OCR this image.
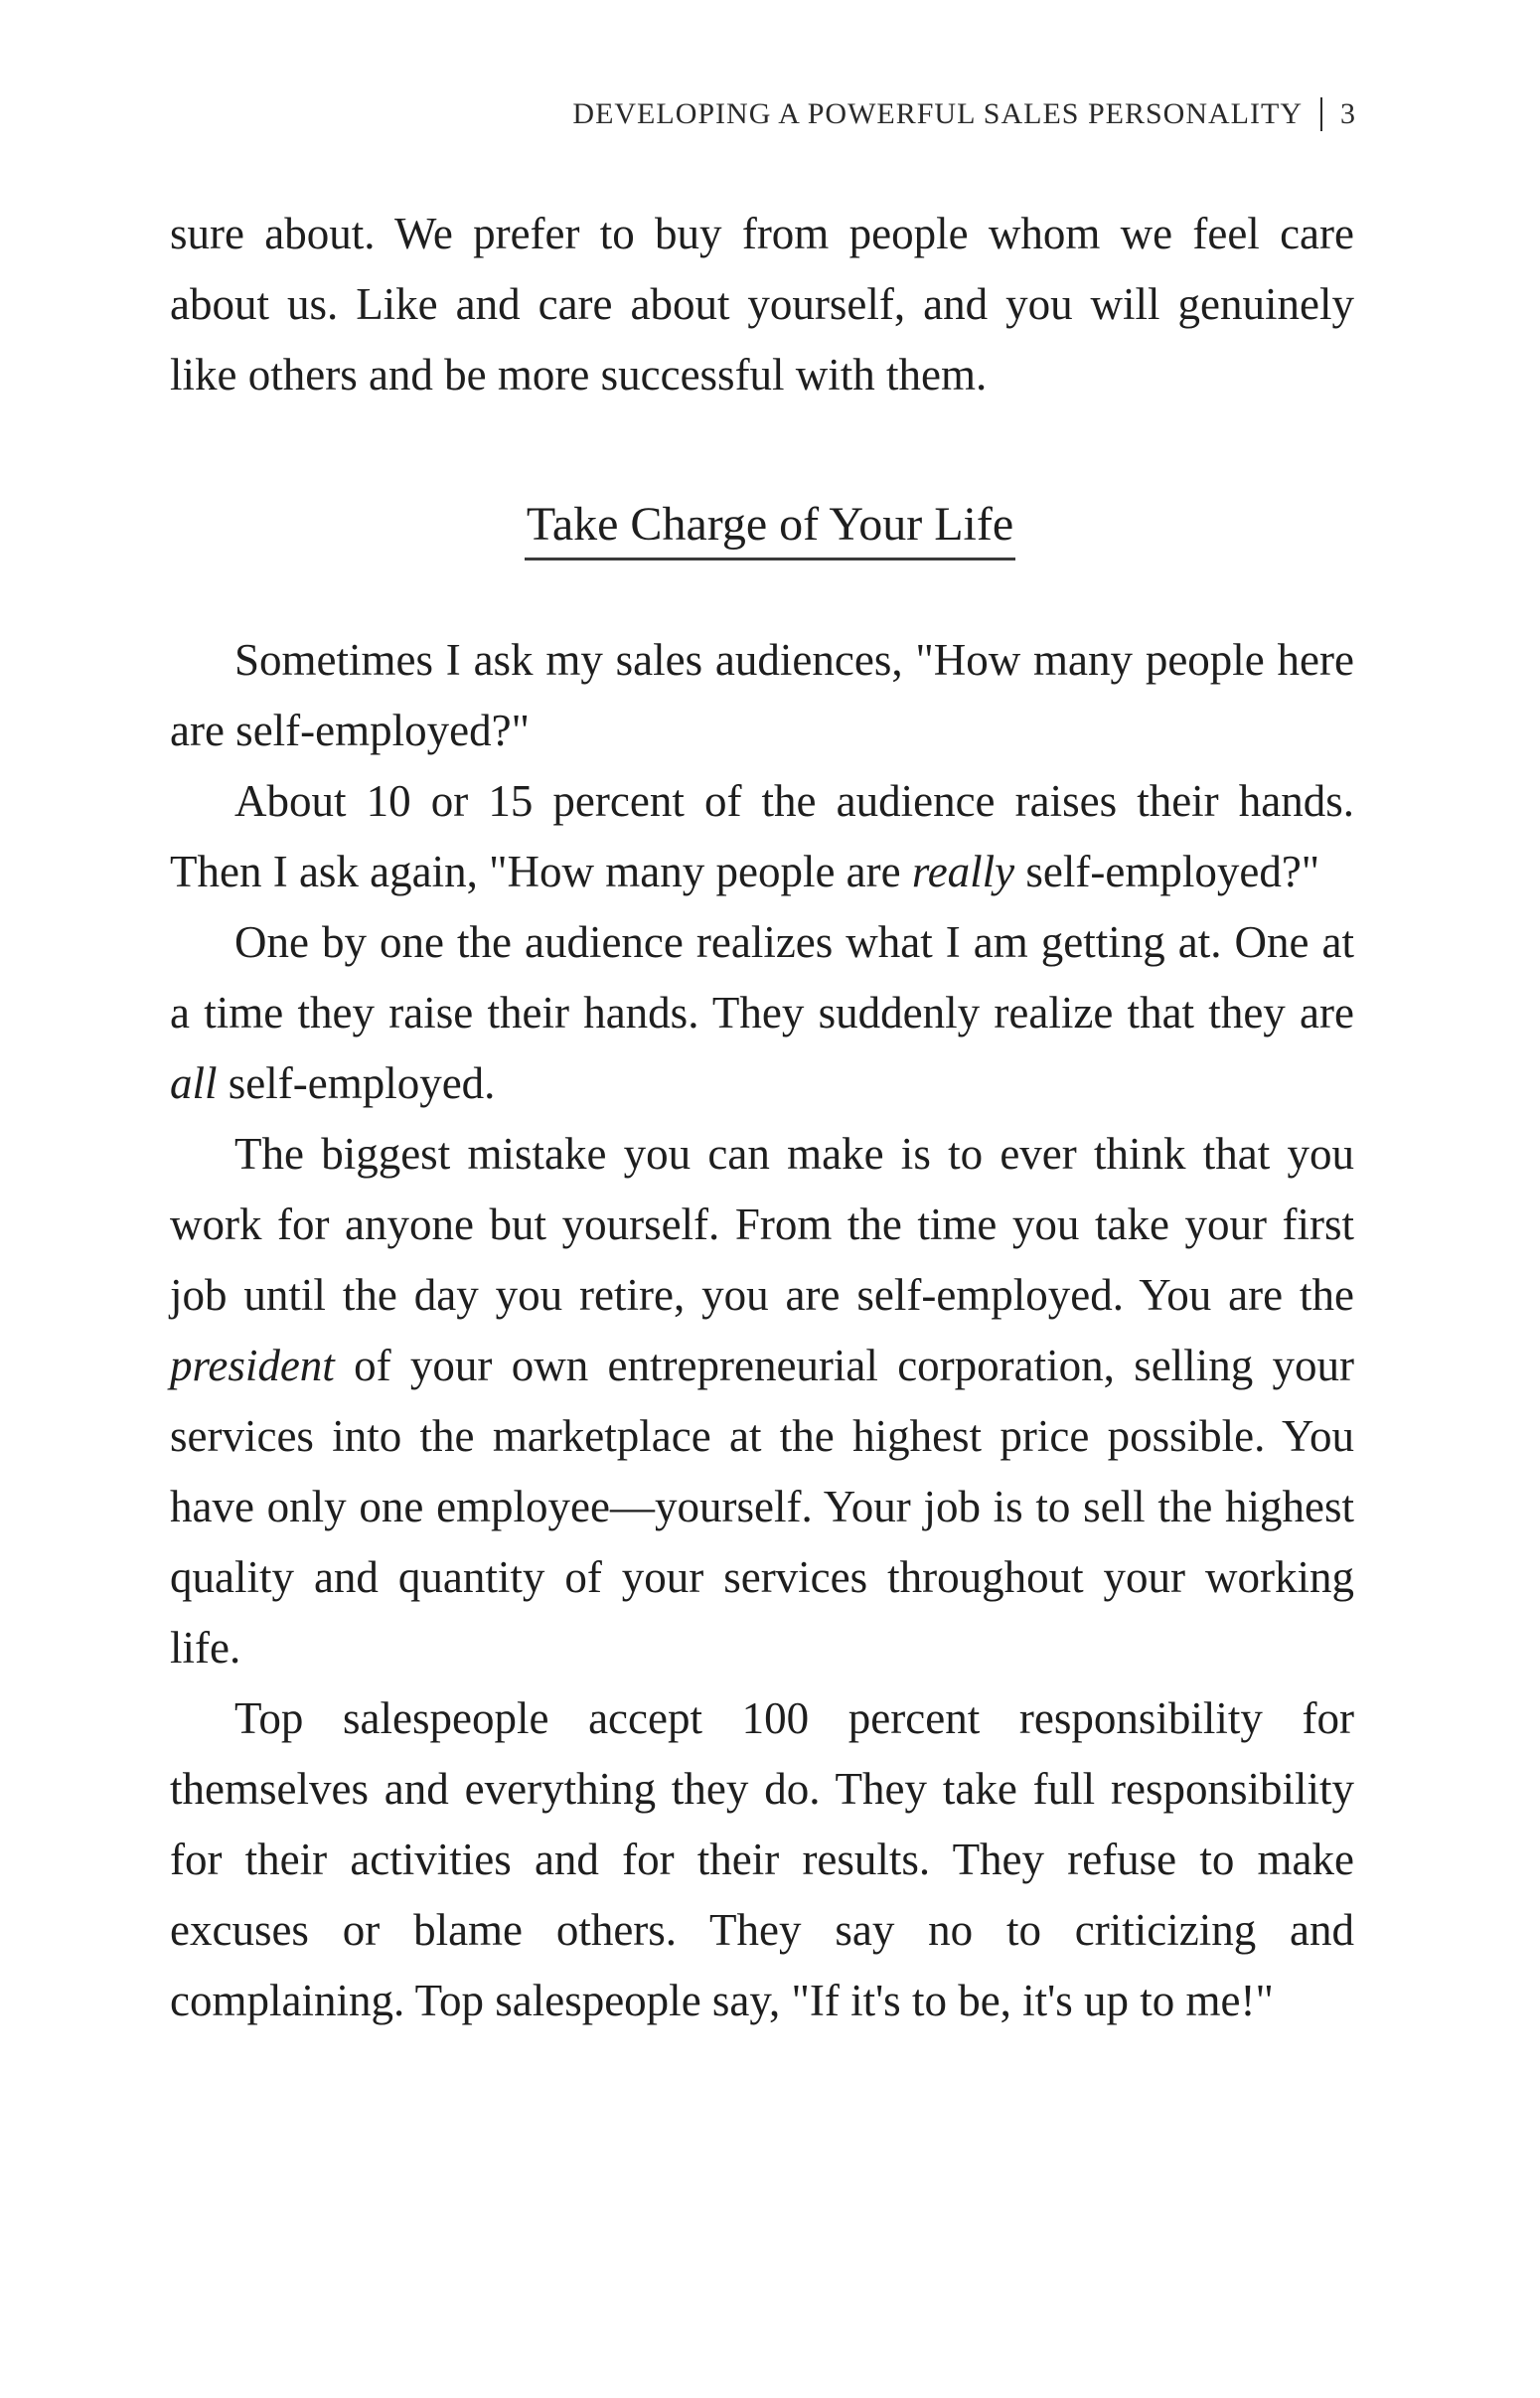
DEVELOPING A POWERFUL SALES PERSONALITY 3

sure about. We prefer to buy from people whom we feel care about us. Like and care about yourself, and you will genuinely like others and be more successful with them.

Take Charge of Your Life

Sometimes I ask my sales audiences, "How many people here are self-employed?"

About 10 or 15 percent of the audience raises their hands. Then I ask again, "How many people are really self-employed?"

One by one the audience realizes what I am getting at. One at a time they raise their hands. They suddenly realize that they are all self-employed.

The biggest mistake you can make is to ever think that you work for anyone but yourself. From the time you take your first job until the day you retire, you are self-employed. You are the president of your own entrepreneurial corporation, selling your services into the marketplace at the highest price possible. You have only one employee—yourself. Your job is to sell the highest quality and quantity of your services throughout your working life.

Top salespeople accept 100 percent responsibility for themselves and everything they do. They take full responsibility for their activities and for their results. They refuse to make excuses or blame others. They say no to criticizing and complaining. Top salespeople say, "If it's to be, it's up to me!"
